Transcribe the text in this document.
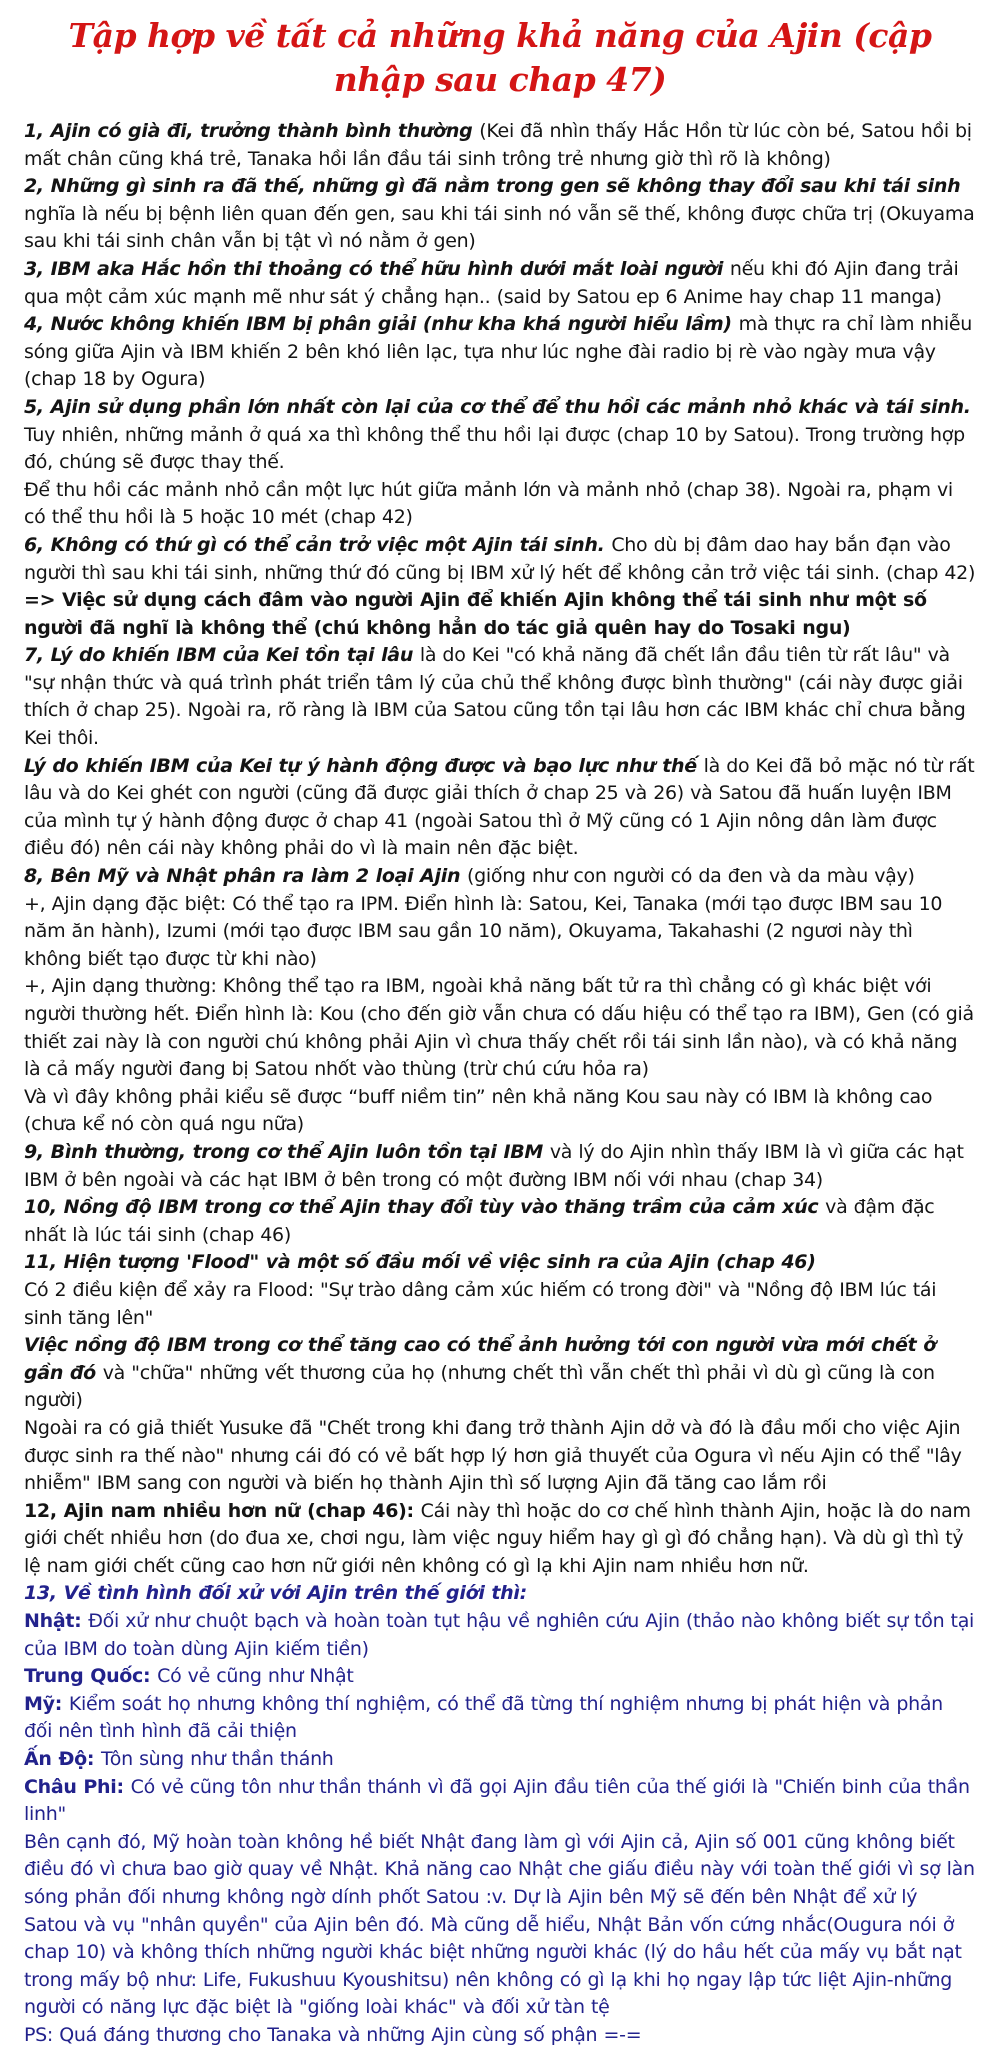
Tập hợp về tất cả những khả năng của Ajin (cập nhập sau chap 47)

1, Ajin có già đi, trưởng thành bình thường (Kei đã nhìn thấy Hắc Hồn từ lúc còn bé, Satou hồi bị mất chân cũng khá trẻ, Tanaka hồi lần đầu tái sinh trông trẻ nhưng giờ thì rõ là không)

2, Những gì sinh ra đã thế, những gì đã nằm trong gen sẽ không thay đổi sau khi tái sinh nghĩa là nếu bị bệnh liên quan đến gen, sau khi tái sinh nó vẫn sẽ thế, không được chữa trị (Okuyama sau khi tái sinh chân vẫn bị tật vì nó nằm ở gen)

3, IBM aka Hắc hồn thi thoảng có thể hữu hình dưới mắt loài người nếu khi đó Ajin đang trải qua một cảm xúc mạnh mẽ như sát ý chẳng hạn.. (said by Satou ep 6 Anime hay chap 11 manga)

4, Nước không khiến IBM bị phân giải (như kha khá người hiểu lầm) mà thực ra chỉ làm nhiễu sóng giữa Ajin và IBM khiến 2 bên khó liên lạc, tựa như lúc nghe đài radio bị rè vào ngày mưa vậy (chap 18 by Ogura)

5, Ajin sử dụng phần lớn nhất còn lại của cơ thể để thu hồi các mảnh nhỏ khác và tái sinh. Tuy nhiên, những mảnh ở quá xa thì không thể thu hồi lại được (chap 10 by Satou). Trong trường hợp đó, chúng sẽ được thay thế.

Để thu hồi các mảnh nhỏ cần một lực hút giữa mảnh lớn và mảnh nhỏ (chap 38). Ngoài ra, phạm vi có thể thu hồi là 5 hoặc 10 mét (chap 42)

6, Không có thứ gì có thể cản trở việc một Ajin tái sinh. Cho dù bị đâm dao hay bắn đạn vào người thì sau khi tái sinh, những thứ đó cũng bị IBM xử lý hết để không cản trở việc tái sinh. (chap 42)

=> Việc sử dụng cách đâm vào người Ajin để khiến Ajin không thể tái sinh như một số người đã nghĩ là không thể (chú không hẳn do tác giả quên hay do Tosaki ngu)

7, Lý do khiến IBM của Kei tồn tại lâu là do Kei "có khả năng đã chết lần đầu tiên từ rất lâu" và "sự nhận thức và quá trình phát triển tâm lý của chủ thể không được bình thường" (cái này được giải thích ở chap 25). Ngoài ra, rõ ràng là IBM của Satou cũng tồn tại lâu hơn các IBM khác chỉ chưa bằng Kei thôi.

Lý do khiến IBM của Kei tự ý hành động được và bạo lực như thế là do Kei đã bỏ mặc nó từ rất lâu và do Kei ghét con người (cũng đã được giải thích ở chap 25 và 26) và Satou đã huấn luyện IBM của mình tự ý hành động được ở chap 41 (ngoài Satou thì ở Mỹ cũng có 1 Ajin nông dân làm được điều đó) nên cái này không phải do vì là main nên đặc biệt.

8, Bên Mỹ và Nhật phân ra làm 2 loại Ajin (giống như con người có da đen và da màu vậy)

+, Ajin dạng đặc biệt: Có thể tạo ra IPM. Điển hình là: Satou, Kei, Tanaka (mới tạo được IBM sau 10 năm ăn hành), Izumi (mới tạo được IBM sau gần 10 năm), Okuyama, Takahashi (2 ngươi này thì không biết tạo được từ khi nào)

+, Ajin dạng thường: Không thể tạo ra IBM, ngoài khả năng bất tử ra thì chẳng có gì khác biệt với người thường hết. Điển hình là: Kou (cho đến giờ vẫn chưa có dấu hiệu có thể tạo ra IBM), Gen (có giả thiết zai này là con người chú không phải Ajin vì chưa thấy chết rồi tái sinh lần nào), và có khả năng là cả mấy người đang bị Satou nhốt vào thùng (trừ chú cứu hỏa ra)

Và vì đây không phải kiểu sẽ được “buff niềm tin” nên khả năng Kou sau này có IBM là không cao (chưa kể nó còn quá ngu nữa)

9, Bình thường, trong cơ thể Ajin luôn tồn tại IBM và lý do Ajin nhìn thấy IBM là vì giữa các hạt IBM ở bên ngoài và các hạt IBM ở bên trong có một đường IBM nối với nhau (chap 34)

10, Nồng độ IBM trong cơ thể Ajin thay đổi tùy vào thăng trầm của cảm xúc và đậm đặc nhất là lúc tái sinh (chap 46)

11, Hiện tượng 'Flood" và một số đầu mối về việc sinh ra của Ajin (chap 46)

Có 2 điều kiện để xảy ra Flood: "Sự trào dâng cảm xúc hiếm có trong đời" và "Nồng độ IBM lúc tái sinh tăng lên"

Việc nồng độ IBM trong cơ thể tăng cao có thể ảnh hưởng tới con người vừa mới chết ở gần đó và "chữa" những vết thương của họ (nhưng chết thì vẫn chết thì phải vì dù gì cũng là con người)

Ngoài ra có giả thiết Yusuke đã "Chết trong khi đang trở thành Ajin dở và đó là đầu mối cho việc Ajin được sinh ra thế nào" nhưng cái đó có vẻ bất hợp lý hơn giả thuyết của Ogura vì nếu Ajin có thể "lây nhiễm" IBM sang con người và biến họ thành Ajin thì số lượng Ajin đã tăng cao lắm rồi

12, Ajin nam nhiều hơn nữ (chap 46): Cái này thì hoặc do cơ chế hình thành Ajin, hoặc là do nam giới chết nhiều hơn (do đua xe, chơi ngu, làm việc nguy hiểm hay gì gì đó chẳng hạn). Và dù gì thì tỷ lệ nam giới chết cũng cao hơn nữ giới nên không có gì lạ khi Ajin nam nhiều hơn nữ.

13, Về tình hình đối xử với Ajin trên thế giới thì:

Nhật: Đối xử như chuột bạch và hoàn toàn tụt hậu về nghiên cứu Ajin (thảo nào không biết sự tồn tại của IBM do toàn dùng Ajin kiếm tiền)

Trung Quốc: Có vẻ cũng như Nhật

Mỹ: Kiểm soát họ nhưng không thí nghiệm, có thể đã từng thí nghiệm nhưng bị phát hiện và phản đối nên tình hình đã cải thiện

Ấn Độ: Tôn sùng như thần thánh

Châu Phi: Có vẻ cũng tôn như thần thánh vì đã gọi Ajin đầu tiên của thế giới là "Chiến binh của thần linh"

Bên cạnh đó, Mỹ hoàn toàn không hề biết Nhật đang làm gì với Ajin cả, Ajin số 001 cũng không biết điều đó vì chưa bao giờ quay về Nhật. Khả năng cao Nhật che giấu điều này với toàn thế giới vì sợ làn sóng phản đối nhưng không ngờ dính phốt Satou :v. Dự là Ajin bên Mỹ sẽ đến bên Nhật để xử lý Satou và vụ "nhân quyền" của Ajin bên đó. Mà cũng dễ hiểu, Nhật Bản vốn cứng nhắc(Ougura nói ở chap 10) và không thích những người khác biệt những người khác (lý do hầu hết của mấy vụ bắt nạt trong mấy bộ như: Life, Fukushuu Kyoushitsu) nên không có gì lạ khi họ ngay lập tức liệt Ajin-những người có năng lực đặc biệt là "giống loài khác" và đối xử tàn tệ

PS: Quá đáng thương cho Tanaka và những Ajin cùng số phận =-=
